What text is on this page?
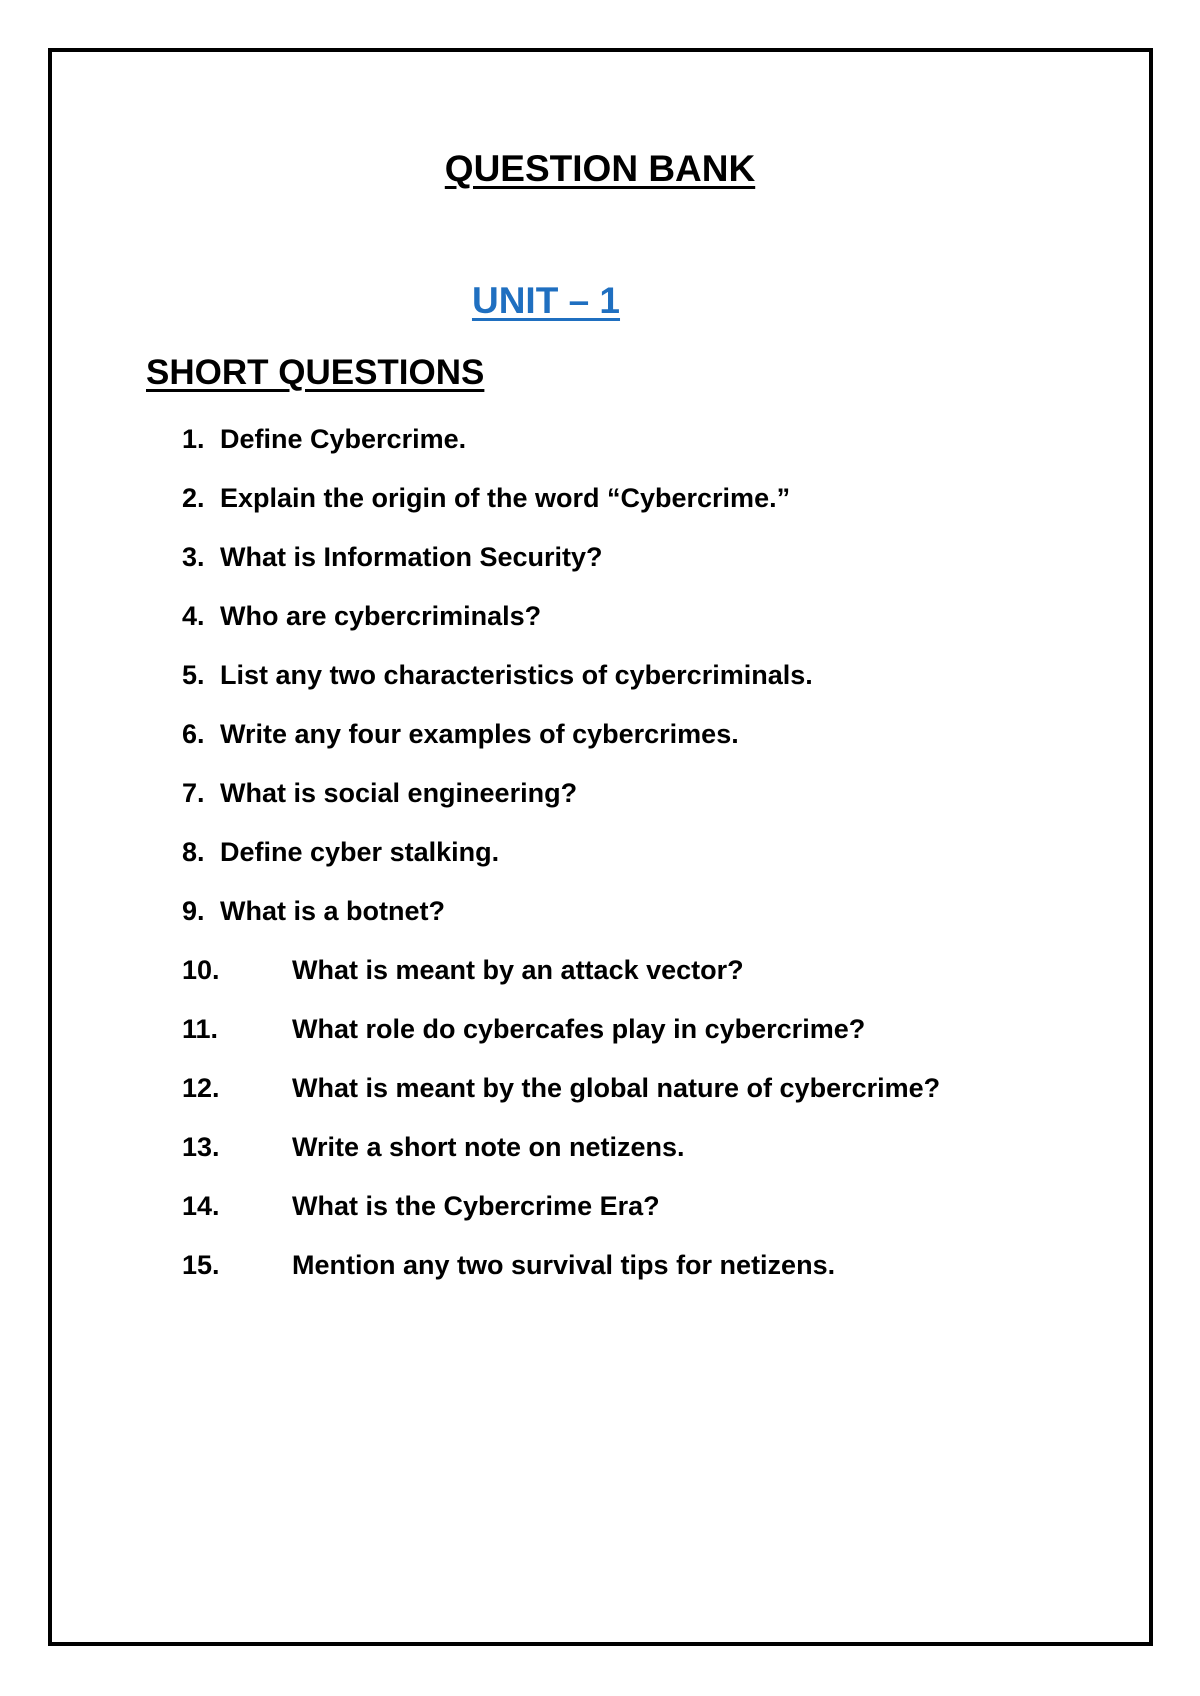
QUESTION BANK
UNIT – 1
SHORT QUESTIONS
1. Define Cybercrime.
2. Explain the origin of the word “Cybercrime.”
3. What is Information Security?
4. Who are cybercriminals?
5. List any two characteristics of cybercriminals.
6. Write any four examples of cybercrimes.
7. What is social engineering?
8. Define cyber stalking.
9. What is a botnet?
10.	What is meant by an attack vector?
11.	What role do cybercafes play in cybercrime?
12.	What is meant by the global nature of cybercrime?
13.	Write a short note on netizens.
14.	What is the Cybercrime Era?
15.	Mention any two survival tips for netizens.
